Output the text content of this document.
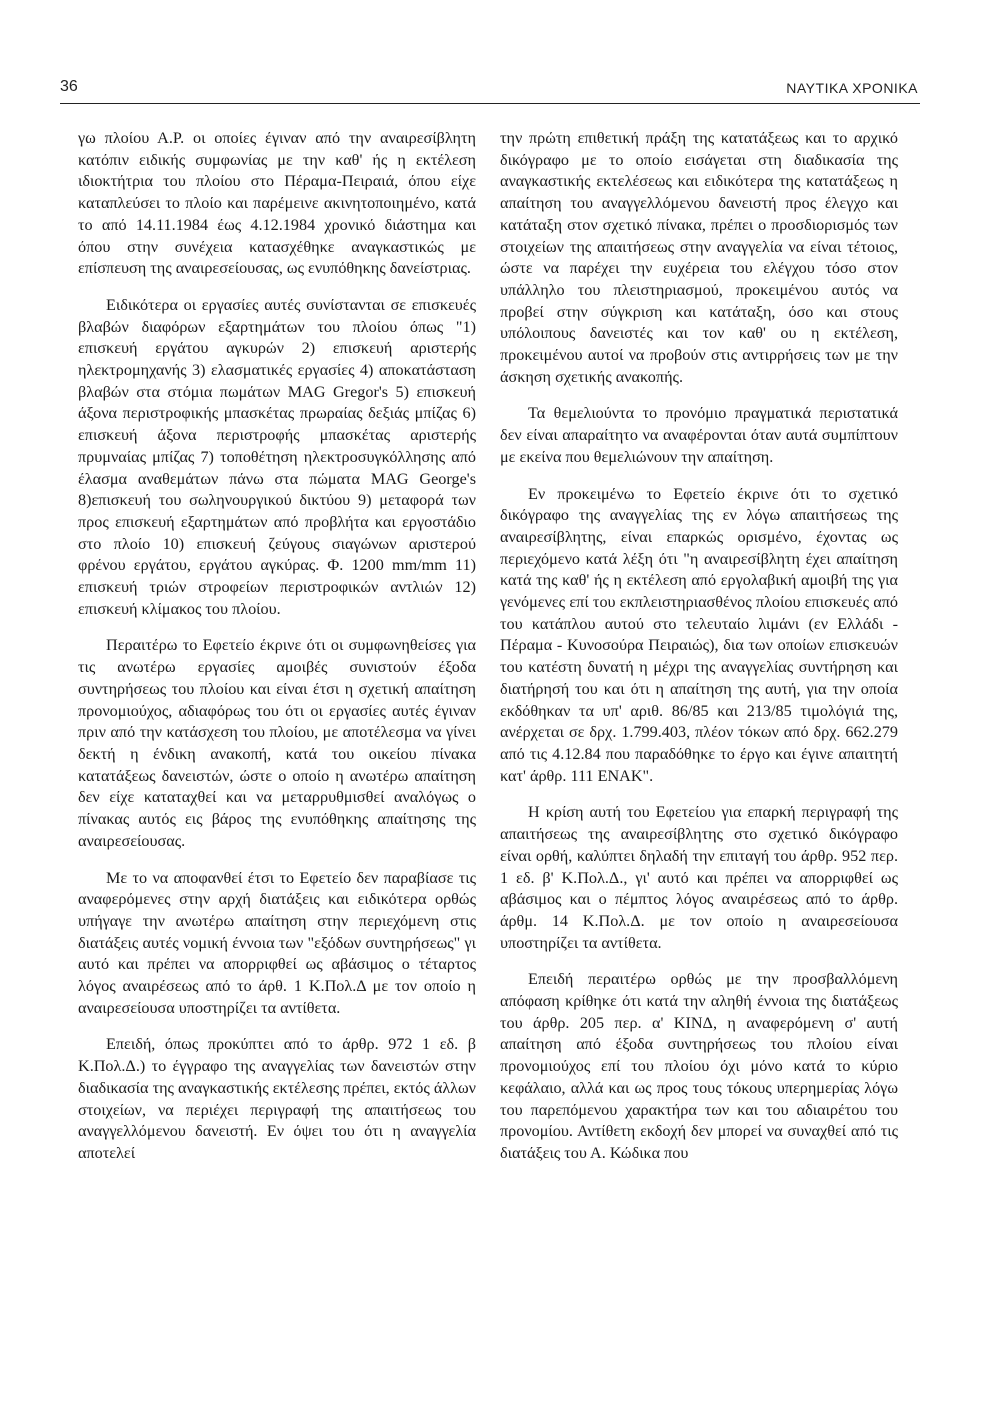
36	ΝΑΥΤΙΚΑ ΧΡΟΝΙΚΑ

γω πλοίου Α.Ρ. οι οποίες έγιναν από την αναιρεσίβλητη κατόπιν ειδικής συμφωνίας με την καθ' ής η εκτέλεση ιδιοκτήτρια του πλοίου στο Πέραμα-Πειραιά, όπου είχε καταπλεύσει το πλοίο και παρέμεινε ακινητοποιημένο, κατά το από 14.11.1984 έως 4.12.1984 χρονικό διάστημα και όπου στην συνέχεια κατασχέθηκε αναγκαστικώς με επίσπευση της αναιρεσείουσας, ως ενυπόθηκης δανείστριας.

Ειδικότερα οι εργασίες αυτές συνίστανται σε επισκευές βλαβών διαφόρων εξαρτημάτων του πλοίου όπως "1) επισκευή εργάτου αγκυρών 2) επισκευή αριστερής ηλεκτρομηχανής 3) ελασματικές εργασίες 4) αποκατάσταση βλαβών στα στόμια πωμάτων MAG Gregor's 5) επισκευή άξονα περιστροφικής μπασκέτας πρωραίας δεξιάς μπίζας 6) επισκευή άξονα περιστροφής μπασκέτας αριστερής πρυμναίας μπίζας 7) τοποθέτηση ηλεκτροσυγκόλλησης από έλασμα αναθεμάτων πάνω στα πώματα MAG George's 8)επισκευή του σωληνουργικού δικτύου 9) μεταφορά των προς επισκευή εξαρτημάτων από προβλήτα και εργοστάδιο στο πλοίο 10) επισκευή ζεύγους σιαγώνων αριστερού φρένου εργάτου, εργάτου αγκύρας. Φ. 1200 mm/mm 11) επισκευή τριών στροφείων περιστροφικών αντλιών 12) επισκευή κλίμακος του πλοίου.

Περαιτέρω το Εφετείο έκρινε ότι οι συμφωνηθείσες για τις ανωτέρω εργασίες αμοιβές συνιστούν έξοδα συντηρήσεως του πλοίου και είναι έτσι η σχετική απαίτηση προνομιούχος, αδιαφόρως του ότι οι εργασίες αυτές έγιναν πριν από την κατάσχεση του πλοίου, με αποτέλεσμα να γίνει δεκτή η ένδικη ανακοπή, κατά του οικείου πίνακα κατατάξεως δανειστών, ώστε ο οποίο η ανωτέρω απαίτηση δεν είχε καταταχθεί και να μεταρρυθμισθεί αναλόγως ο πίνακας αυτός εις βάρος της ενυπόθηκης απαίτησης της αναιρεσείουσας.

Με το να αποφανθεί έτσι το Εφετείο δεν παραβίασε τις αναφερόμενες στην αρχή διατάξεις και ειδικότερα ορθώς υπήγαγε την ανωτέρω απαίτηση στην περιεχόμενη στις διατάξεις αυτές νομική έννοια των "εξόδων συντηρήσεως" γι αυτό και πρέπει να απορριφθεί ως αβάσιμος ο τέταρτος λόγος αναιρέσεως από το άρθ. 1 Κ.Πολ.Δ με τον οποίο η αναιρεσείουσα υποστηρίζει τα αντίθετα.

Επειδή, όπως προκύπτει από το άρθρ. 972 1 εδ. β Κ.Πολ.Δ.) το έγγραφο της αναγγελίας των δανειστών στην διαδικασία της αναγκαστικής εκτέλεσης πρέπει, εκτός άλλων στοιχείων, να περιέχει περιγραφή της απαιτήσεως του αναγγελλόμενου δανειστή. Εν όψει του ότι η αναγγελία αποτελεί

την πρώτη επιθετική πράξη της κατατάξεως και το αρχικό δικόγραφο με το οποίο εισάγεται στη διαδικασία της αναγκαστικής εκτελέσεως και ειδικότερα της κατατάξεως η απαίτηση του αναγγελλόμενου δανειστή προς έλεγχο και κατάταξη στον σχετικό πίνακα, πρέπει ο προσδιορισμός των στοιχείων της απαιτήσεως στην αναγγελία να είναι τέτοιος, ώστε να παρέχει την ευχέρεια του ελέγχου τόσο στον υπάλληλο του πλειστηριασμού, προκειμένου αυτός να προβεί στην σύγκριση και κατάταξη, όσο και στους υπόλοιπους δανειστές και τον καθ' ου η εκτέλεση, προκειμένου αυτοί να προβούν στις αντιρρήσεις των με την άσκηση σχετικής ανακοπής.

Τα θεμελιούντα το προνόμιο πραγματικά περιστατικά δεν είναι απαραίτητο να αναφέρονται όταν αυτά συμπίπτουν με εκείνα που θεμελιώνουν την απαίτηση.

Εν προκειμένω το Εφετείο έκρινε ότι το σχετικό δικόγραφο της αναγγελίας της εν λόγω απαιτήσεως της αναιρεσίβλητης, είναι επαρκώς ορισμένο, έχοντας ως περιεχόμενο κατά λέξη ότι "η αναιρεσίβλητη έχει απαίτηση κατά της καθ' ής η εκτέλεση από εργολαβική αμοιβή της για γενόμενες επί του εκπλειστηριασθένος πλοίου επισκευές από του κατάπλου αυτού στο τελευταίο λιμάνι (εν Ελλάδι - Πέραμα - Κυνοσούρα Πειραιώς), δια των οποίων επισκευών του κατέστη δυνατή η μέχρι της αναγγελίας συντήρηση και διατήρησή του και ότι η απαίτηση της αυτή, για την οποία εκδόθηκαν τα υπ' αριθ. 86/85 και 213/85 τιμολόγιά της, ανέρχεται σε δρχ. 1.799.403, πλέον τόκων από δρχ. 662.279 από τις 4.12.84 που παραδόθηκε το έργο και έγινε απαιτητή κατ' άρθρ. 111 ΕΝΑΚ".

Η κρίση αυτή του Εφετείου για επαρκή περιγραφή της απαιτήσεως της αναιρεσίβλητης στο σχετικό δικόγραφο είναι ορθή, καλύπτει δηλαδή την επιταγή του άρθρ. 952 περ. 1 εδ. β' Κ.Πολ.Δ., γι' αυτό και πρέπει να απορριφθεί ως αβάσιμος και ο πέμπτος λόγος αναιρέσεως από το άρθρ. άρθμ. 14 Κ.Πολ.Δ. με τον οποίο η αναιρεσείουσα υποστηρίζει τα αντίθετα.

Επειδή περαιτέρω ορθώς με την προσβαλλόμενη απόφαση κρίθηκε ότι κατά την αληθή έννοια της διατάξεως του άρθρ. 205 περ. α' ΚΙΝΔ, η αναφερόμενη σ' αυτή απαίτηση από έξοδα συντηρήσεως του πλοίου είναι προνομιούχος επί του πλοίου όχι μόνο κατά το κύριο κεφάλαιο, αλλά και ως προς τους τόκους υπερημερίας λόγω του παρεπόμενου χαρακτήρα των και του αδιαιρέτου του προνομίου. Αντίθετη εκδοχή δεν μπορεί να συναχθεί από τις διατάξεις του Α. Κώδικα που
